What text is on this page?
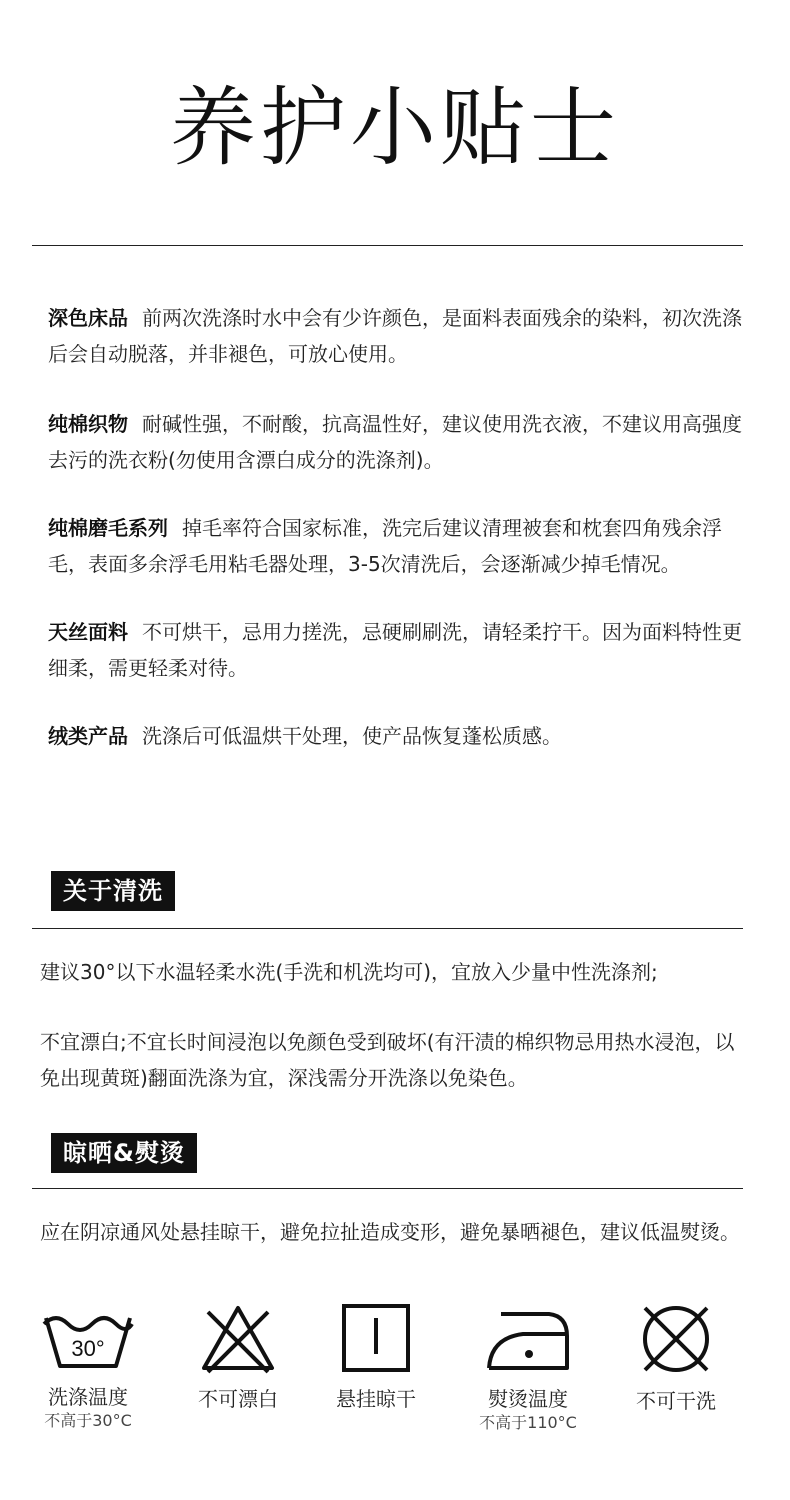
养护小贴士

深色床品 前两次洗涤时水中会有少许颜色，是面料表面残余的染料，初次洗涤后会自动脱落，并非褪色，可放心使用。

纯棉织物 耐碱性强，不耐酸，抗高温性好，建议使用洗衣液，不建议用高强度去污的洗衣粉(勿使用含漂白成分的洗涤剂)。

纯棉磨毛系列 掉毛率符合国家标准，洗完后建议清理被套和枕套四角残余浮毛，表面多余浮毛用粘毛器处理，3-5次清洗后，会逐渐减少掉毛情况。

天丝面料 不可烘干，忌用力搓洗，忌硬刷刷洗，请轻柔拧干。因为面料特性更细柔，需更轻柔对待。

绒类产品 洗涤后可低温烘干处理，使产品恢复蓬松质感。

关于清洗
建议30°以下水温轻柔水洗(手洗和机洗均可)，宜放入少量中性洗涤剂;
不宜漂白;不宜长时间浸泡以免颜色受到破坏(有汗渍的棉织物忌用热水浸泡，以免出现黄斑)翻面洗涤为宜，深浅需分开洗涤以免染色。
晾晒&熨烫
应在阴凉通风处悬挂晾干，避免拉扯造成变形，避免暴晒褪色，建议低温熨烫。
30°
洗涤温度
不高于30°C
不可漂白	悬挂晾干	熨烫温度
不高于110°C
不可干洗
